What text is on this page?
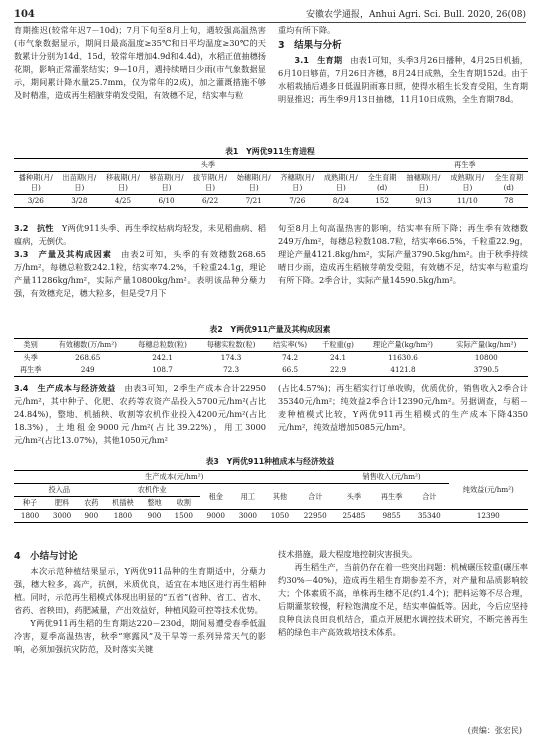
104	安徽农学通报，Anhui Agri. Sci. Bull. 2020, 26(08)

育期推迟(较常年迟7－10d)；7月下旬至8月上旬，遇较强高温热害(市气象数据显示，期间日最高温度≥35℃和日平均温度≥30℃的天数累计分别为14d、15d，较常年增加4.9d和4.4d)，水稻正值抽穗扬花期，影响正常灌浆结实；9—10月，遇持续晴日少雨(市气象数据显示，期间累计降水量25.7mm，仅为常年的2成)，加之灌溉措施不够及时精准，造成再生稻腋芽萌发受阻，有效穗不足，结实率与粒

重均有所下降。

3　结果与分析

3.1　生育期　 由表1可知，头季3月26日播种，4月25日机插，6月10日够苗，7月26日齐穗，8月24日成熟，全生育期152d。由于水稻栽插后遇多日低温阴雨寡日照，使得水稻生长发育受阻，生育期明显推迟；再生季9月13日抽穗，11月10日成熟，全生育期78d。

表1　Y两优911生育进程
头季									再生季		
播种期(月/日)	出苗期(月/日)	移栽期(月/日)	够苗期(月/日)	拔节期(月/日)	始穗期(月/日)	齐穗期(月/日)	成熟期(月/日)	全生育期(d)	抽穗期(月/日)	成熟期(月/日)	全生育期(d)
3/26	3/28	4/25	6/10	6/22	7/21	7/26	8/24	152	9/13	11/10	78

3.2　抗性　 Y两优911头季、再生季纹枯病均轻发，未见稻曲病、稻瘟病，无倒伏。

3.3　产量及其构成因素　 由表2可知，头季的有效穗数268.65万/hm²，每穗总粒数242.1粒，结实率74.2%，千粒重24.1g，理论产量11286kg/hm²，实际产量10800kg/hm²。表明该品种分蘖力强，有效穗充足，穗大粒多，但是受7月下

旬至8月上旬高温热害的影响，结实率有所下降；再生季有效穗数249万/hm²，每穗总粒数108.7粒，结实率66.5%，千粒重22.9g，理论产量4121.8kg/hm²，实际产量3790.5kg/hm²。由于秋季持续晴日少雨，造成再生稻腋芽萌发受阻，有效穗不足，结实率与粒重均有所下降。2季合计，实际产量14590.5kg/hm²。

表2　Y两优911产量及其构成因素
类别	有效穗数(万/hm²)	每穗总粒数(粒)	每穗实粒数(粒)	结实率(%)	千粒重(g)	理论产量(kg/hm²)	实际产量(kg/hm²)
头季	268.65	242.1	174.3	74.2	24.1	11630.6	10800
再生季	249	108.7	72.3	66.5	22.9	4121.8	3790.5

3.4　生产成本与经济效益　 由表3可知，2季生产成本合计22950元/hm²，其中种子、化肥、农药等农资产品投入5700元/hm²(占比24.84%)，整地、机插秧、收割等农机作业投入4200元/hm²(占比18.3%)，土地租金9000元/hm²(占比39.22%)，用工3000元/hm²(占比13.07%)，其他1050元/hm²

(占比4.57%)；再生稻实行订单收购，优质优价，销售收入2季合计35340元/hm²；纯效益2季合计12390元/hm²。另据调查，与稻－麦种植模式比较，Y两优911再生稻模式的生产成本下降4350元/hm²，纯效益增加5085元/hm²。

表3　Y两优911种植成本与经济效益
生产成本(元/hm²)										销售收入(元/hm²)			纯效益(元/hm²)
投入品			农机作业			租金	用工	其他	合计	头季	再生季	合计	
种子	肥料	农药	机插秧	整地	收割								
1800	3000	900	1800	900	1500	9000	3000	1050	22950	25485	9855	35340	12390
4　小结与讨论

本次示范种植结果显示，Y两优911品种的生育期适中，分蘖力强，穗大粒多，高产，抗倒，米质优良，适宜在本地区进行再生稻种植。同时，示范再生稻模式体现出明显的“五省”(省种、省工、省水、省药、省秧田)，药肥减量，产出效益好，种植风险可控等技术优势。

Y两优911再生稻的生育期达220－230d，期间易遭受春季低温冷害，夏季高温热害，秋季“寒露风”及干旱等一系列异常天气的影响，必须加强抗灾防范，及时落实关键

技术措施，最大程度地控制灾害损失。

再生稻生产，当前仍存在着一些突出问题：机械碾压较重(碾压率约30%－40%)，造成再生稻生育期参差不齐，对产量和品质影响较大；个体素质不高，单株再生穗不足(约1.4个)；肥料运筹不尽合理，后期灌浆较慢，籽粒饱满度不足，结实率偏低等。因此，今后应坚持良种良法良田良机结合，重点开展肥水调控技术研究，不断完善再生稻的绿色丰产高效栽培技术体系。

(责编：张宏民)
